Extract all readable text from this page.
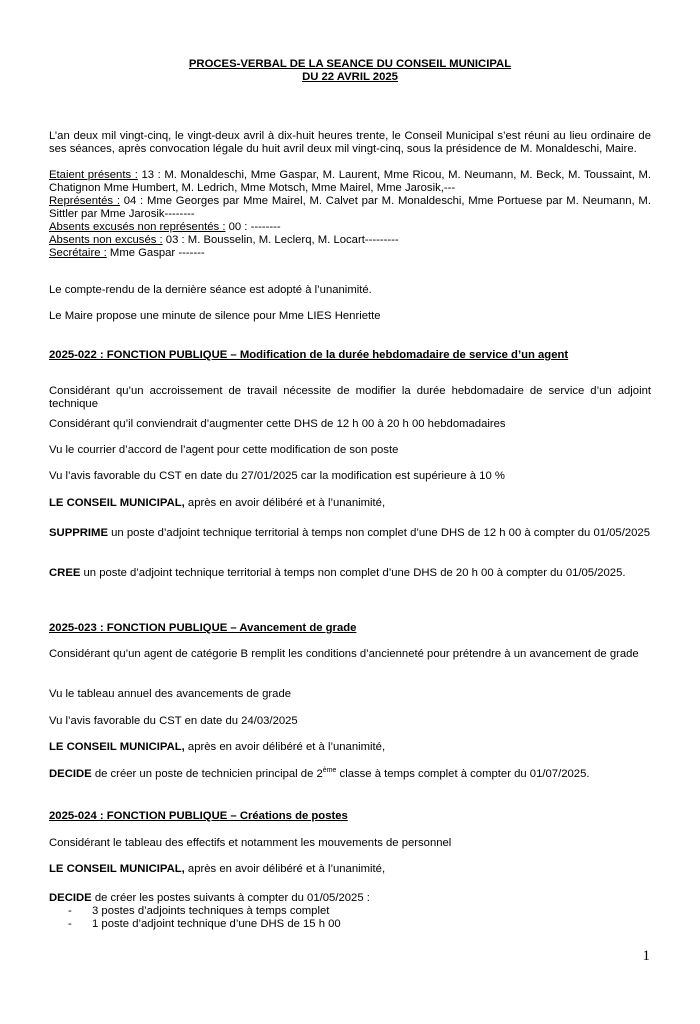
PROCES-VERBAL DE LA SEANCE DU CONSEIL MUNICIPAL
DU 22 AVRIL 2025
L’an deux mil vingt-cinq, le vingt-deux avril à dix-huit heures trente, le Conseil Municipal s’est réuni au lieu ordinaire de ses séances, après convocation légale du huit avril deux mil vingt-cinq, sous la présidence de M. Monaldeschi, Maire.
Etaient présents : 13 : M. Monaldeschi, Mme Gaspar, M. Laurent, Mme Ricou, M. Neumann, M. Beck, M. Toussaint, M. Chatignon Mme Humbert, M. Ledrich, Mme Motsch, Mme Mairel, Mme Jarosik,---
Représentés : 04 : Mme Georges par Mme Mairel, M. Calvet par M. Monaldeschi, Mme Portuese par M. Neumann, M. Sittler par Mme Jarosik--------
Absents excusés non représentés : 00 : --------
Absents non excusés : 03 : M. Bousselin, M. Leclerq, M. Locart---------
Secrétaire : Mme Gaspar -------
Le compte-rendu de la dernière séance est adopté à l’unanimité.
Le Maire propose une minute de silence pour Mme LIES Henriette
2025-022 : FONCTION PUBLIQUE – Modification de la durée hebdomadaire de service d’un agent
Considérant qu’un accroissement de travail nécessite de modifier la durée hebdomadaire de service d’un adjoint technique
Considérant qu’il conviendrait d’augmenter cette DHS de 12 h 00 à 20 h 00 hebdomadaires
Vu le courrier d’accord de l’agent pour cette modification de son poste
Vu l’avis favorable du CST en date du 27/01/2025 car la modification est supérieure à 10 %
LE CONSEIL MUNICIPAL, après en avoir délibéré et à l’unanimité,
SUPPRIME un poste d’adjoint technique territorial à temps non complet d’une DHS de 12 h 00 à compter du 01/05/2025
CREE un poste d’adjoint technique territorial à temps non complet d’une DHS de 20 h 00 à compter du 01/05/2025.
2025-023 : FONCTION PUBLIQUE – Avancement de grade
Considérant qu’un agent de catégorie B remplit les conditions d’ancienneté pour prétendre à un avancement de grade
Vu le tableau annuel des avancements de grade
Vu l’avis favorable du CST en date du 24/03/2025
LE CONSEIL MUNICIPAL, après en avoir délibéré et à l’unanimité,
DECIDE de créer un poste de technicien principal de 2ème classe à temps complet à compter du 01/07/2025.
2025-024 : FONCTION PUBLIQUE – Créations de postes
Considérant le tableau des effectifs et notamment les mouvements de personnel
LE CONSEIL MUNICIPAL, après en avoir délibéré et à l’unanimité,
DECIDE de créer les postes suivants à compter du 01/05/2025 :
- 3 postes d’adjoints techniques à temps complet
- 1 poste d’adjoint technique d’une DHS de 15 h 00
1
